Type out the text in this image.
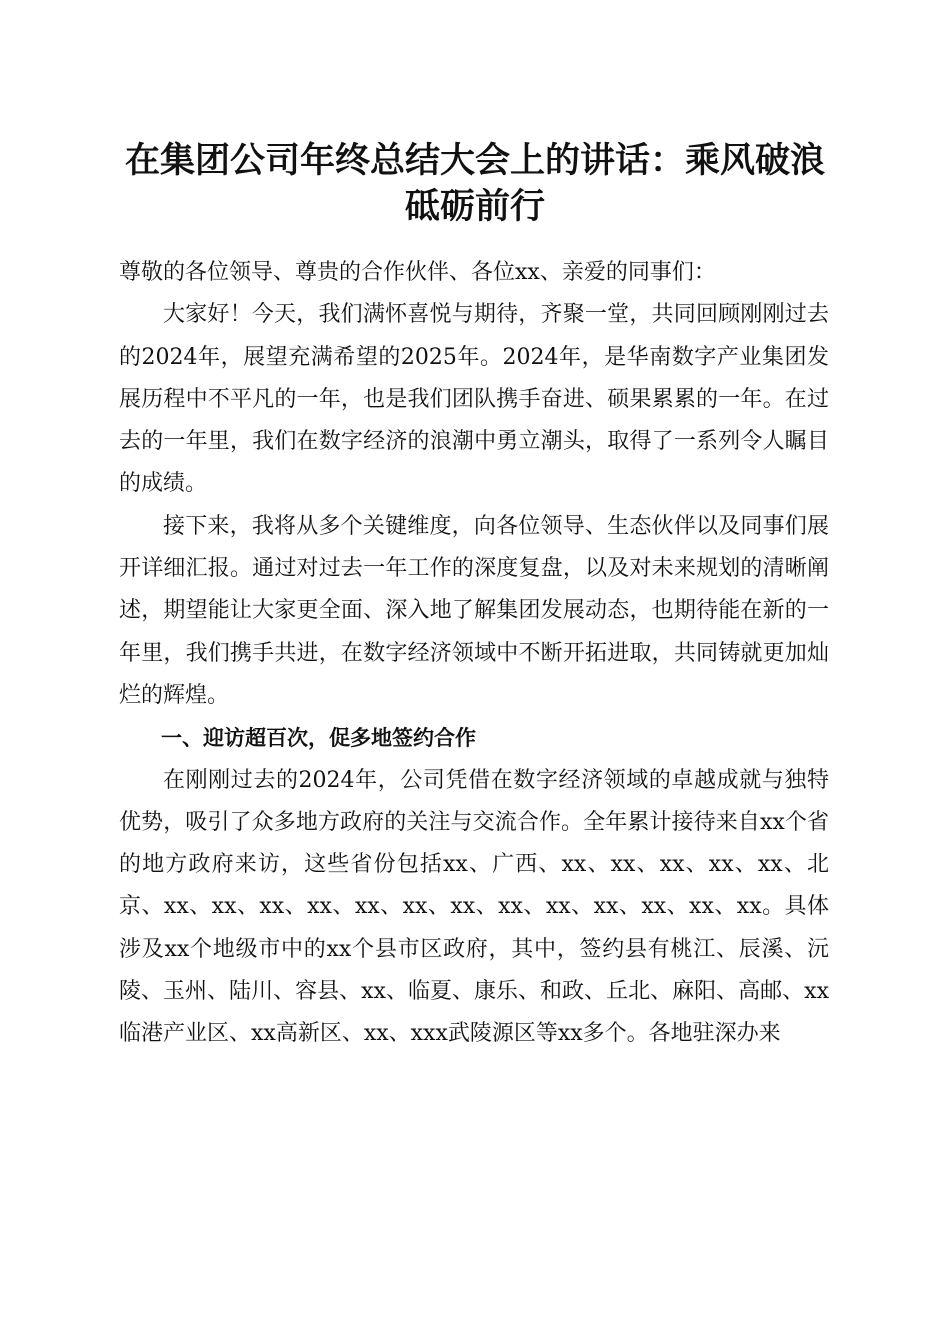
在集团公司年终总结大会上的讲话：乘风破浪
砥砺前行

尊敬的各位领导、尊贵的合作伙伴、各位xx、亲爱的同事们：

大家好！今天，我们满怀喜悦与期待，齐聚一堂，共同回顾刚刚过去的2024年，展望充满希望的2025年。2024年，是华南数字产业集团发展历程中不平凡的一年，也是我们团队携手奋进、硕果累累的一年。在过去的一年里，我们在数字经济的浪潮中勇立潮头，取得了一系列令人瞩目的成绩。

接下来，我将从多个关键维度，向各位领导、生态伙伴以及同事们展开详细汇报。通过对过去一年工作的深度复盘，以及对未来规划的清晰阐述，期望能让大家更全面、深入地了解集团发展动态，也期待能在新的一年里，我们携手共进，在数字经济领域中不断开拓进取，共同铸就更加灿烂的辉煌。

一、迎访超百次，促多地签约合作

在刚刚过去的2024年，公司凭借在数字经济领域的卓越成就与独特优势，吸引了众多地方政府的关注与交流合作。全年累计接待来自xx个省的地方政府来访，这些省份包括xx、广西、xx、xx、xx、xx、xx、北京、xx、xx、xx、xx、xx、xx、xx、xx、xx、xx、xx、xx、xx。具体涉及xx个地级市中的xx个县市区政府，其中，签约县有桃江、辰溪、沅陵、玉州、陆川、容县、xx、临夏、康乐、和政、丘北、麻阳、高邮、xx临港产业区、xx高新区、xx、xxx武陵源区等xx多个。各地驻深办来
